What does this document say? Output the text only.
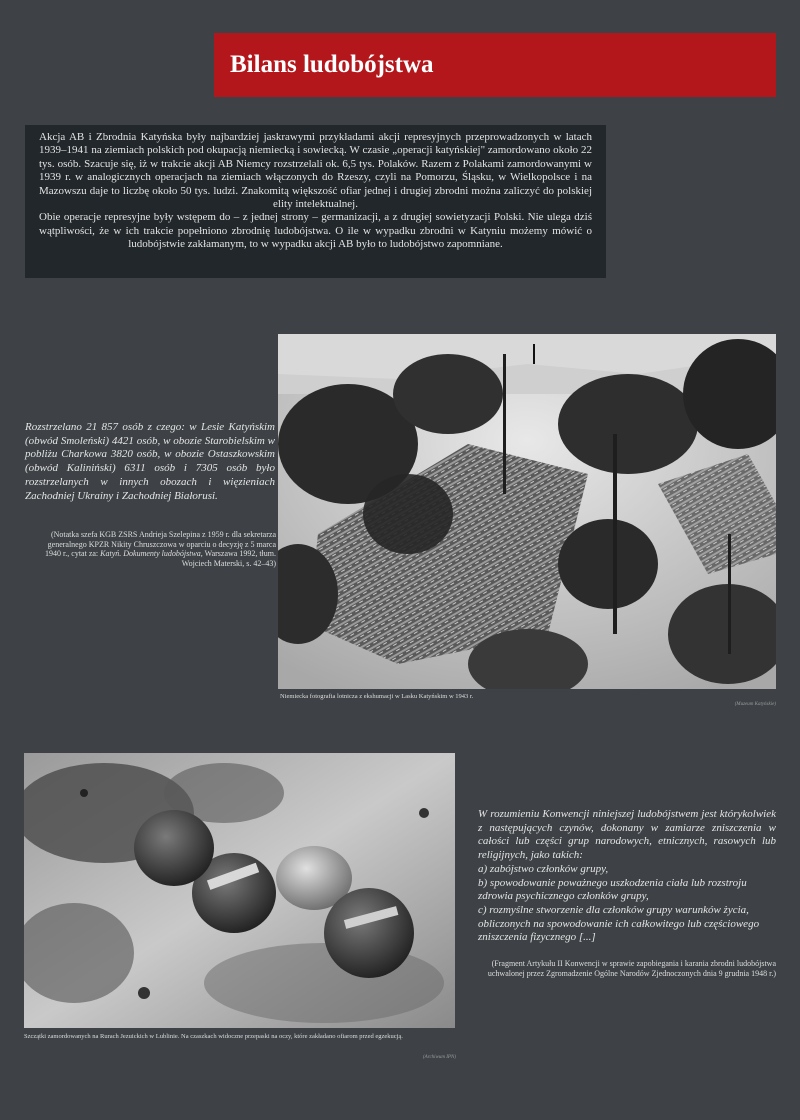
Bilans ludobójstwa

Akcja AB i Zbrodnia Katyńska były najbardziej jaskrawymi przykładami akcji represyjnych przeprowadzonych w latach 1939–1941 na ziemiach polskich pod okupacją niemiecką i sowiecką. W czasie „operacji katyńskiej" zamordowano około 22 tys. osób. Szacuje się, iż w trakcie akcji AB Niemcy rozstrzelali ok. 6,5 tys. Polaków. Razem z Polakami zamordowanymi w 1939 r. w analogicznych operacjach na ziemiach włączonych do Rzeszy, czyli na Pomorzu, Śląsku, w Wielkopolsce i na Mazowszu daje to liczbę około 50 tys. ludzi. Znakomitą większość ofiar jednej i drugiej zbrodni można zaliczyć do polskiej elity intelektualnej.

Obie operacje represyjne były wstępem do – z jednej strony – germanizacji, a z drugiej sowietyzacji Polski. Nie ulega dziś wątpliwości, że w ich trakcie popełniono zbrodnię ludobójstwa. O ile w wypadku zbrodni w Katyniu możemy mówić o ludobójstwie zakłamanym, to w wypadku akcji AB było to ludobójstwo zapomniane.

Rozstrzelano 21 857 osób z czego: w Lesie Katyńskim (obwód Smoleński) 4421 osób, w obozie Starobielskim w pobliżu Charkowa 3820 osób, w obozie Ostaszkowskim (obwód Kaliniński) 6311 osób i 7305 osób było rozstrzelanych w innych obozach i więzieniach Zachodniej Ukrainy i Zachodniej Białorusi.

(Notatka szefa KGB ZSRS Andrieja Szelepina z 1959 r. dla sekretarza generalnego KPZR Nikity Chruszczowa w oparciu o decyzję z 5 marca 1940 r., cytat za: Katyń. Dokumenty ludobójstwa, Warszawa 1992, tłum. Wojciech Materski, s. 42–43)
Niemiecka fotografia lotnicza z ekshumacji w Lasku Katyńskim w 1943 r.
(Muzeum Katyńskie)
Szczątki zamordowanych na Rurach Jezuickich w Lublinie. Na czaszkach widoczne przepaski na oczy, które zakładano ofiarom przed egzekucją.
(Archiwum IPN)

W rozumieniu Konwencji niniejszej ludobójstwem jest którykolwiek z następujących czynów, dokonany w zamiarze zniszczenia w całości lub części grup narodowych, etnicznych, rasowych lub religijnych, jako takich:

a) zabójstwo członków grupy,

b) spowodowanie poważnego uszkodzenia ciała lub rozstroju zdrowia psychicznego członków grupy,

c) rozmyślne stworzenie dla członków grupy warunków życia, obliczonych na spowodowanie ich całkowitego lub częściowego zniszczenia fizycznego [...]

(Fragment Artykułu II Konwencji w sprawie zapobiegania i karania zbrodni ludobójstwa uchwalonej przez Zgromadzenie Ogólne Narodów Zjednoczonych dnia 9 grudnia 1948 r.)
